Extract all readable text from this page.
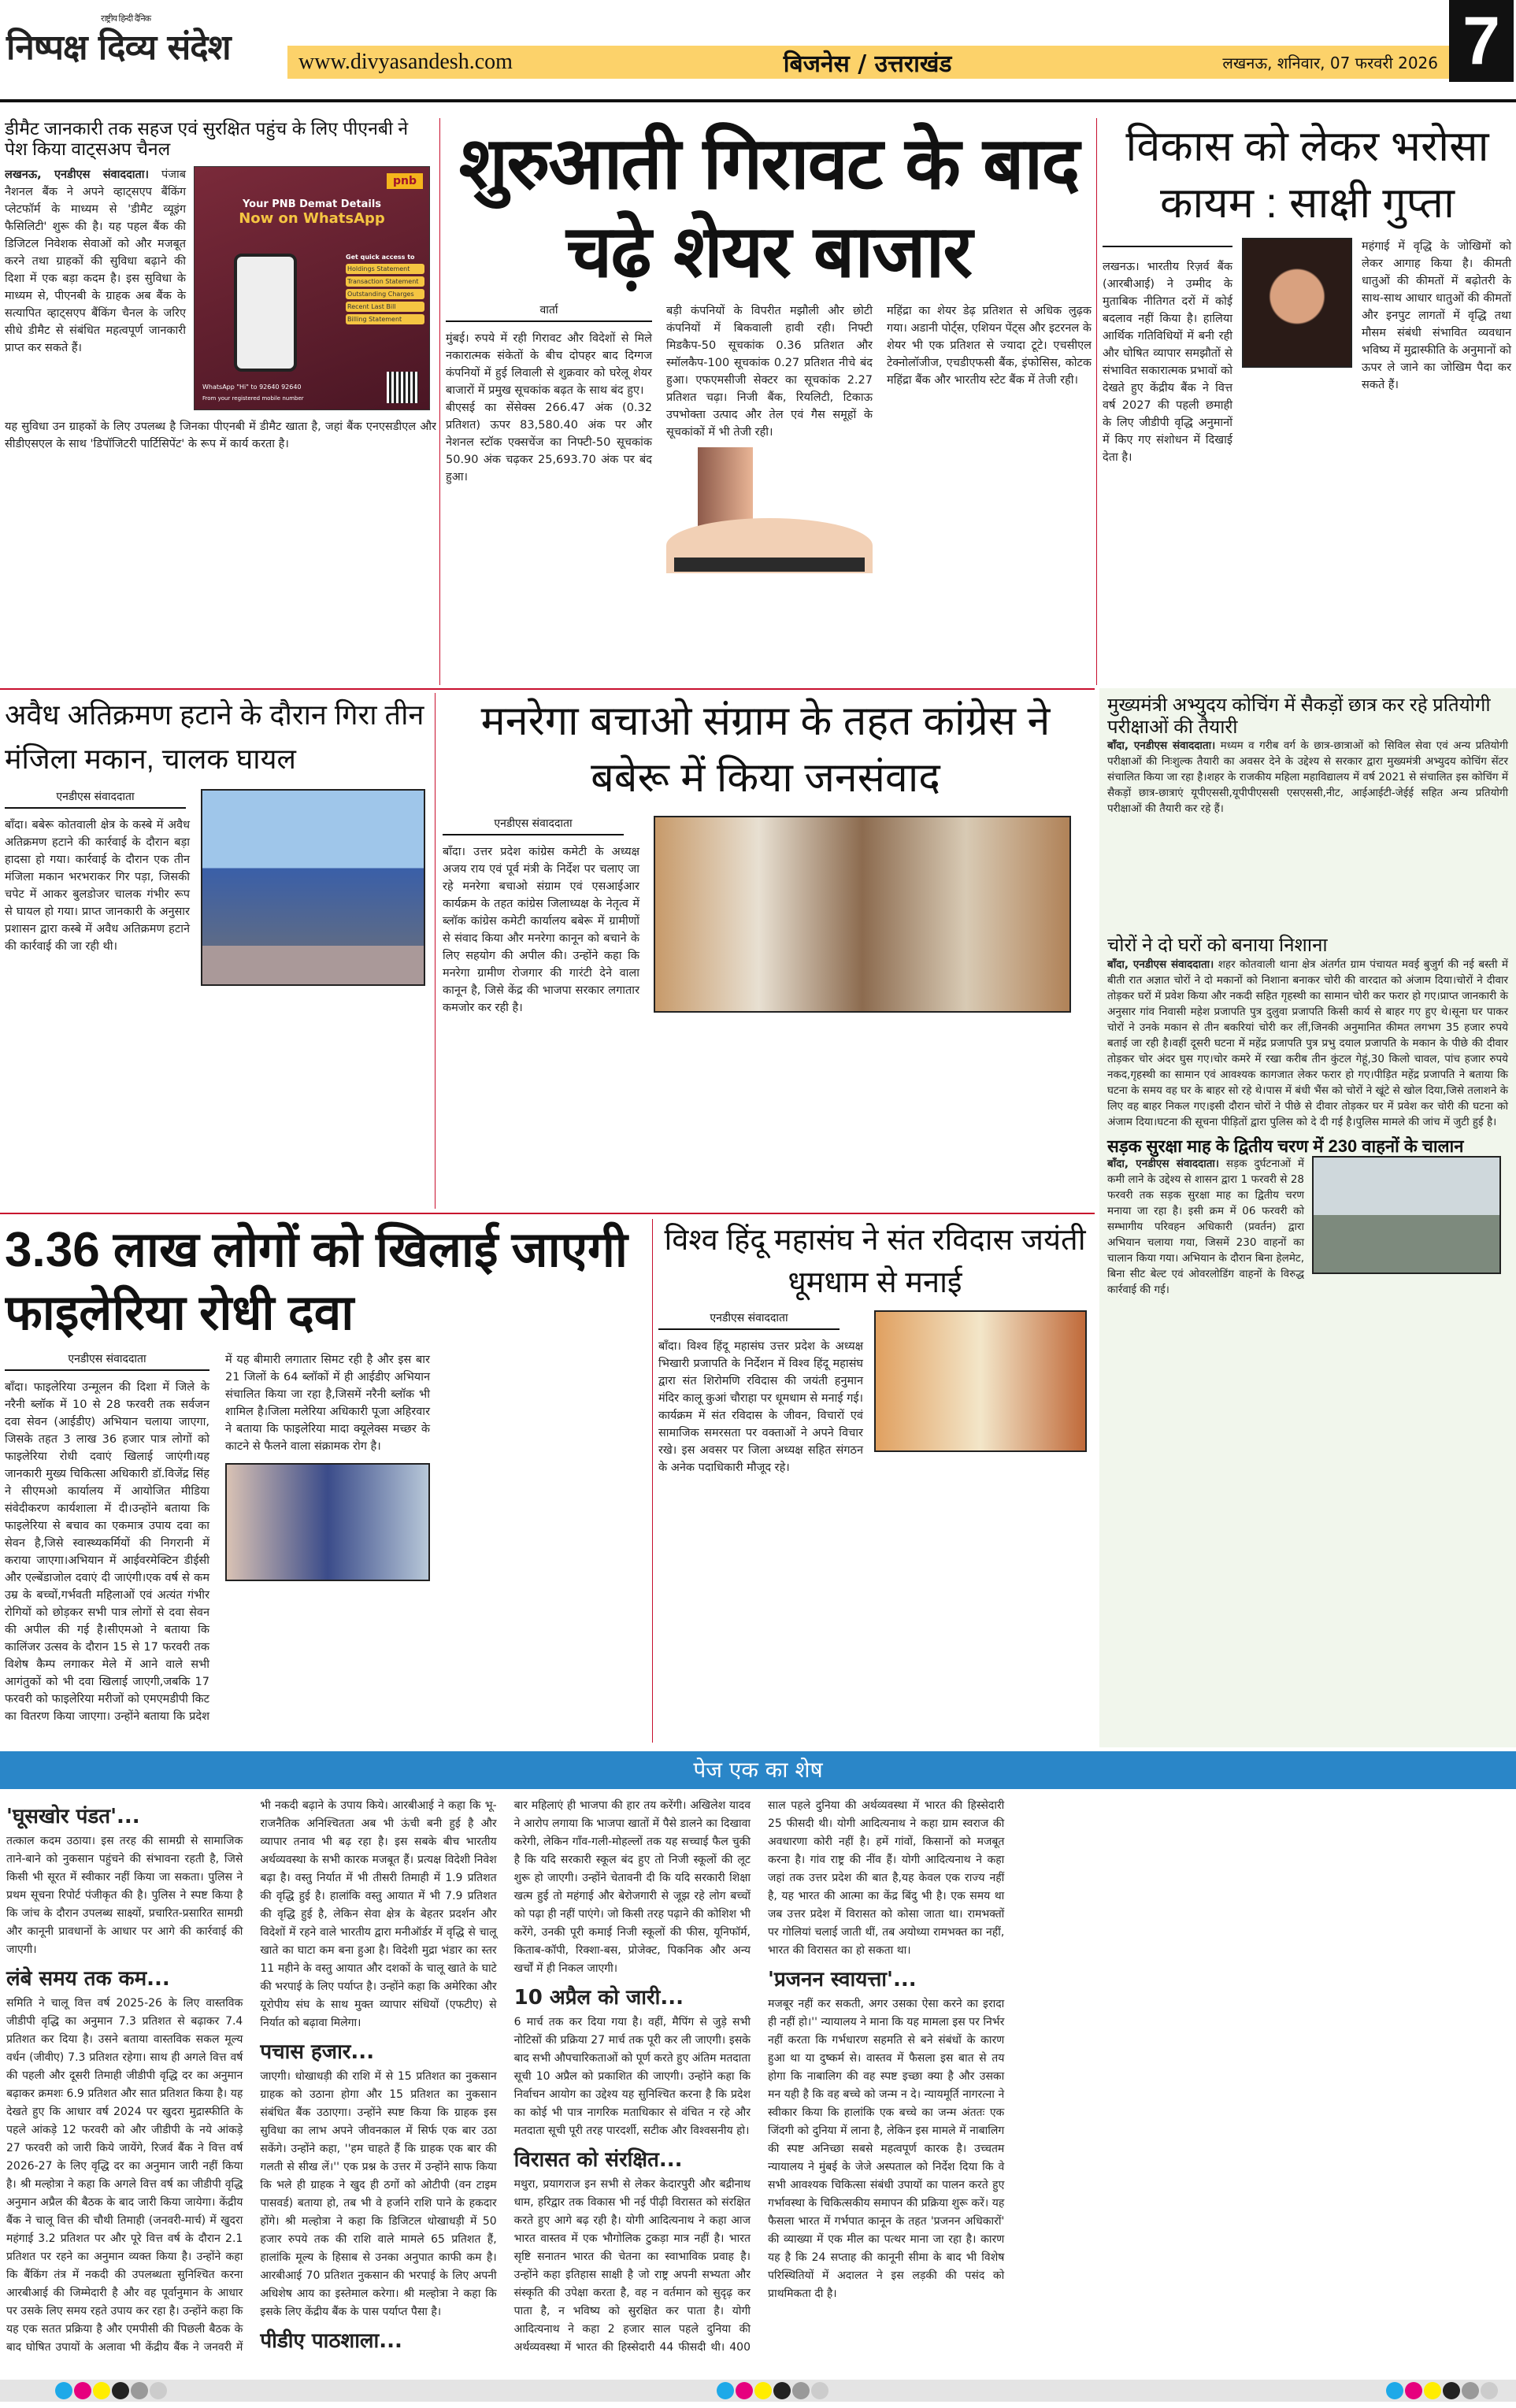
राष्ट्रीय हिन्दी दैनिक
निष्पक्ष दिव्य संदेश	www.divyasandesh.com	बिजनेस / उत्तराखंड	लखनऊ, शनिवार, 07 फरवरी 2026 7
डीमैट जानकारी तक सहज एवं सुरक्षित पहुंच के लिए पीएनबी ने पेश किया वाट्सअप चैनल
लखनऊ, एनडीएस संवाददाता। पंजाब नैशनल बैंक ने अपने व्हाट्सएप बैंकिंग प्लेटफॉर्म के माध्यम से 'डीमैट व्यूइंग फैसिलिटी' शुरू की है। यह पहल बैंक की डिजिटल निवेशक सेवाओं को और मजबूत करने तथा ग्राहकों की सुविधा बढ़ाने की दिशा में एक बड़ा कदम है। इस सुविधा के माध्यम से, पीएनबी के ग्राहक अब बैंक के सत्यापित व्हाट्सएप बैंकिंग चैनल के जरिए सीधे डीमैट से संबंधित महत्वपूर्ण जानकारी प्राप्त कर सकते हैं।
pnb
Your PNB Demat Details
Now on WhatsApp
Get quick access to
Holdings Statement
Transaction Statement
Outstanding Charges
Recent Last Bill
Billing Statement
WhatsApp "Hi" to 92640 92640
From your registered mobile number
यह सुविधा उन ग्राहकों के लिए उपलब्ध है जिनका पीएनबी में डीमैट खाता है, जहां बैंक एनएसडीएल और सीडीएसएल के साथ 'डिपॉजिटरी पार्टिसिपेंट' के रूप में कार्य करता है।
शुरुआती गिरावट के बाद चढ़े शेयर बाजार
वार्ता
मुंबई। रुपये में रही गिरावट और विदेशों से मिले नकारात्मक संकेतों के बीच दोपहर बाद दिग्गज कंपनियों में हुई लिवाली से शुक्रवार को घरेलू शेयर बाजारों में प्रमुख सूचकांक बढ़त के साथ बंद हुए।
बीएसई का सेंसेक्स 266.47 अंक (0.32 प्रतिशत) ऊपर 83,580.40 अंक पर और नेशनल स्टॉक एक्सचेंज का निफ्टी-50 सूचकांक 50.90 अंक चढ़कर 25,693.70 अंक पर बंद हुआ।
बड़ी कंपनियों के विपरीत मझौली और छोटी कंपनियों में बिकवाली हावी रही। निफ्टी मिडकैप-50 सूचकांक 0.36 प्रतिशत और स्मॉलकैप-100 सूचकांक 0.27 प्रतिशत नीचे बंद हुआ। एफएमसीजी सेक्टर का सूचकांक 2.27 प्रतिशत चढ़ा। निजी बैंक, रियलिटी, टिकाऊ उपभोक्ता उत्पाद और तेल एवं गैस समूहों के सूचकांकों में भी तेजी रही।
महिंद्रा का शेयर डेढ़ प्रतिशत से अधिक लुढ़क गया। अडानी पोर्ट्स, एशियन पेंट्स और इटरनल के शेयर भी एक प्रतिशत से ज्यादा टूटे। एचसीएल टेक्नोलॉजीज, एचडीएफसी बैंक, इंफोसिस, कोटक महिंद्रा बैंक और भारतीय स्टेट बैंक में तेजी रही।
विकास को लेकर भरोसा कायम : साक्षी गुप्ता
लखनऊ। भारतीय रिज़र्व बैंक (आरबीआई) ने उम्मीद के मुताबिक नीतिगत दरों में कोई बदलाव नहीं किया है। हालिया आर्थिक गतिविधियों में बनी रही और घोषित व्यापार समझौतों से संभावित सकारात्मक प्रभावों को देखते हुए केंद्रीय बैंक ने वित्त वर्ष 2027 की पहली छमाही के लिए जीडीपी वृद्धि अनुमानों में किए गए संशोधन में दिखाई देता है।
महंगाई में वृद्धि के जोखिमों को लेकर आगाह किया है। कीमती धातुओं की कीमतों में बढ़ोतरी के साथ-साथ आधार धातुओं की कीमतों और इनपुट लागतों में वृद्धि तथा मौसम संबंधी संभावित व्यवधान भविष्य में मुद्रास्फीति के अनुमानों को ऊपर ले जाने का जोखिम पैदा कर सकते हैं।
अवैध अतिक्रमण हटाने के दौरान गिरा तीन मंजिला मकान, चालक घायल
एनडीएस संवाददाता
बाँदा। बबेरू कोतवाली क्षेत्र के कस्बे में अवैध अतिक्रमण हटाने की कार्रवाई के दौरान बड़ा हादसा हो गया। कार्रवाई के दौरान एक तीन मंजिला मकान भरभराकर गिर पड़ा, जिसकी चपेट में आकर बुलडोजर चालक गंभीर रूप से घायल हो गया। प्राप्त जानकारी के अनुसार प्रशासन द्वारा कस्बे में अवैध अतिक्रमण हटाने की कार्रवाई की जा रही थी।
मनरेगा बचाओ संग्राम के तहत कांग्रेस ने बबेरू में किया जनसंवाद
एनडीएस संवाददाता
बाँदा। उत्तर प्रदेश कांग्रेस कमेटी के अध्यक्ष अजय राय एवं पूर्व मंत्री के निर्देश पर चलाए जा रहे मनरेगा बचाओ संग्राम एवं एसआईआर कार्यक्रम के तहत कांग्रेस जिलाध्यक्ष के नेतृत्व में ब्लॉक कांग्रेस कमेटी कार्यालय बबेरू में ग्रामीणों से संवाद किया और मनरेगा कानून को बचाने के लिए सहयोग की अपील की। उन्होंने कहा कि मनरेगा ग्रामीण रोजगार की गारंटी देने वाला कानून है, जिसे केंद्र की भाजपा सरकार लगातार कमजोर कर रही है।
मुख्यमंत्री अभ्युदय कोचिंग में सैकड़ों छात्र कर रहे प्रतियोगी परीक्षाओं की तैयारी
बाँदा, एनडीएस संवाददाता। मध्यम व गरीब वर्ग के छात्र-छात्राओं को सिविल सेवा एवं अन्य प्रतियोगी परीक्षाओं की निःशुल्क तैयारी का अवसर देने के उद्देश्य से सरकार द्वारा मुख्यमंत्री अभ्युदय कोचिंग सेंटर संचालित किया जा रहा है।शहर के राजकीय महिला महाविद्यालय में वर्ष 2021 से संचालित इस कोचिंग में सैकड़ों छात्र-छात्राएं यूपीएससी,यूपीपीएससी एसएससी,नीट, आईआईटी-जेईई सहित अन्य प्रतियोगी परीक्षाओं की तैयारी कर रहे हैं।
चोरों ने दो घरों को बनाया निशाना
बाँदा, एनडीएस संवाददाता। शहर कोतवाली थाना क्षेत्र अंतर्गत ग्राम पंचायत मवई बुजुर्ग की नई बस्ती में बीती रात अज्ञात चोरों ने दो मकानों को निशाना बनाकर चोरी की वारदात को अंजाम दिया।चोरों ने दीवार तोड़कर घरों में प्रवेश किया और नकदी सहित गृहस्थी का सामान चोरी कर फरार हो गए।प्राप्त जानकारी के अनुसार गांव निवासी महेश प्रजापति पुत्र दुलुवा प्रजापति किसी कार्य से बाहर गए हुए थे।सूना घर पाकर चोरों ने उनके मकान से तीन बकरियां चोरी कर लीं,जिनकी अनुमानित कीमत लगभग 35 हजार रुपये बताई जा रही है।वहीं दूसरी घटना में महेंद्र प्रजापति पुत्र प्रभु दयाल प्रजापति के मकान के पीछे की दीवार तोड़कर चोर अंदर घुस गए।चोर कमरे में रखा करीब तीन कुंटल गेहूं,30 किलो चावल, पांच हजार रुपये नकद,गृहस्थी का सामान एवं आवश्यक कागजात लेकर फरार हो गए।पीड़ित महेंद्र प्रजापति ने बताया कि घटना के समय वह घर के बाहर सो रहे थे।पास में बंधी भैंस को चोरों ने खूंटे से खोल दिया,जिसे तलाशने के लिए वह बाहर निकल गए।इसी दौरान चोरों ने पीछे से दीवार तोड़कर घर में प्रवेश कर चोरी की घटना को अंजाम दिया।घटना की सूचना पीड़ितों द्वारा पुलिस को दे दी गई है।पुलिस मामले की जांच में जुटी हुई है।
सड़क सुरक्षा माह के द्वितीय चरण में 230 वाहनों के चालान
बाँदा, एनडीएस संवाददाता। सड़क दुर्घटनाओं में कमी लाने के उद्देश्य से शासन द्वारा 1 फरवरी से 28 फरवरी तक सड़क सुरक्षा माह का द्वितीय चरण मनाया जा रहा है। इसी क्रम में 06 फरवरी को सम्भागीय परिवहन अधिकारी (प्रवर्तन) द्वारा अभियान चलाया गया, जिसमें 230 वाहनों का चालान किया गया। अभियान के दौरान बिना हेलमेट, बिना सीट बेल्ट एवं ओवरलोडिंग वाहनों के विरुद्ध कार्रवाई की गई।
3.36 लाख लोगों को खिलाई जाएगी फाइलेरिया रोधी दवा
एनडीएस संवाददाता
बाँदा। फाइलेरिया उन्मूलन की दिशा में जिले के नरैनी ब्लॉक में 10 से 28 फरवरी तक सर्वजन दवा सेवन (आईडीए) अभियान चलाया जाएगा, जिसके तहत 3 लाख 36 हजार पात्र लोगों को फाइलेरिया रोधी दवाएं खिलाई जाएंगी।यह जानकारी मुख्य चिकित्सा अधिकारी डॉ.विजेंद्र सिंह ने सीएमओ कार्यालय में आयोजित मीडिया संवेदीकरण कार्यशाला में दी।उन्होंने बताया कि फाइलेरिया से बचाव का एकमात्र उपाय दवा का सेवन है,जिसे स्वास्थ्यकर्मियों की निगरानी में कराया जाएगा।अभियान में आईवरमेक्टिन डीईसी और एल्बेंडाजोल दवाएं दी जाएंगी।एक वर्ष से कम उम्र के बच्चों,गर्भवती महिलाओं एवं अत्यंत गंभीर रोगियों को छोड़कर सभी पात्र लोगों से दवा सेवन की अपील की गई है।सीएमओ ने बताया कि कालिंजर उत्सव के दौरान 15 से 17 फरवरी तक विशेष कैम्प लगाकर मेले में आने वाले सभी आगंतुकों को भी दवा खिलाई जाएगी,जबकि 17 फरवरी को फाइलेरिया मरीजों को एमएमडीपी किट का वितरण किया जाएगा। उन्होंने बताया कि प्रदेश में यह बीमारी लगातार सिमट रही है और इस बार 21 जिलों के 64 ब्लॉकों में ही आईडीए अभियान संचालित किया जा रहा है,जिसमें नरैनी ब्लॉक भी शामिल है।जिला मलेरिया अधिकारी पूजा अहिरवार ने बताया कि फाइलेरिया मादा क्यूलेक्स मच्छर के काटने से फैलने वाला संक्रामक रोग है।
विश्व हिंदू महासंघ ने संत रविदास जयंती धूमधाम से मनाई
एनडीएस संवाददाता
बाँदा। विश्व हिंदू महासंघ उत्तर प्रदेश के अध्यक्ष भिखारी प्रजापति के निर्देशन में विश्व हिंदू महासंघ द्वारा संत शिरोमणि रविदास की जयंती हनुमान मंदिर कालू कुआं चौराहा पर धूमधाम से मनाई गई। कार्यक्रम में संत रविदास के जीवन, विचारों एवं सामाजिक समरसता पर वक्ताओं ने अपने विचार रखे। इस अवसर पर जिला अध्यक्ष सहित संगठन के अनेक पदाधिकारी मौजूद रहे।
पेज एक का शेष
'घूसखोर पंडत'...

तत्काल कदम उठाया। इस तरह की सामग्री से सामाजिक ताने-बाने को नुकसान पहुंचने की संभावना रहती है, जिसे किसी भी सूरत में स्वीकार नहीं किया जा सकता। पुलिस ने प्रथम सूचना रिपोर्ट पंजीकृत की है। पुलिस ने स्पष्ट किया है कि जांच के दौरान उपलब्ध साक्ष्यों, प्रचारित-प्रसारित सामग्री और कानूनी प्रावधानों के आधार पर आगे की कार्रवाई की जाएगी।

लंबे समय तक कम...

समिति ने चालू वित्त वर्ष 2025-26 के लिए वास्तविक जीडीपी वृद्धि का अनुमान 7.3 प्रतिशत से बढ़ाकर 7.4 प्रतिशत कर दिया है। उसने बताया वास्तविक सकल मूल्य वर्धन (जीवीए) 7.3 प्रतिशत रहेगा। साथ ही अगले वित्त वर्ष की पहली और दूसरी तिमाही जीडीपी वृद्धि दर का अनुमान बढ़ाकर क्रमशः 6.9 प्रतिशत और सात प्रतिशत किया है। यह देखते हुए कि आधार वर्ष 2024 पर खुदरा मुद्रास्फीति के पहले आंकड़े 12 फरवरी को और जीडीपी के नये आंकड़े 27 फरवरी को जारी किये जायेंगे, रिजर्व बैंक ने वित्त वर्ष 2026-27 के लिए वृद्धि दर का अनुमान जारी नहीं किया है। श्री मल्होत्रा ने कहा कि अगले वित्त वर्ष का जीडीपी वृद्धि अनुमान अप्रैल की बैठक के बाद जारी किया जायेगा। केंद्रीय बैंक ने चालू वित्त की चौथी तिमाही (जनवरी-मार्च) में खुदरा महंगाई 3.2 प्रतिशत पर और पूरे वित्त वर्ष के दौरान 2.1 प्रतिशत पर रहने का अनुमान व्यक्त किया है। उन्होंने कहा कि बैंकिंग तंत्र में नकदी की उपलब्धता सुनिश्चित करना आरबीआई की जिम्मेदारी है और वह पूर्वानुमान के आधार पर उसके लिए समय रहते उपाय कर रहा है। उन्होंने कहा कि यह एक सतत प्रक्रिया है और एमपीसी की पिछली बैठक के बाद घोषित उपायों के अलावा भी केंद्रीय बैंक ने जनवरी में भी नकदी बढ़ाने के उपाय किये। आरबीआई ने कहा कि भू-राजनैतिक अनिश्चितता अब भी ऊंची बनी हुई है और व्यापार तनाव भी बढ़ रहा है। इस सबके बीच भारतीय अर्थव्यवस्था के सभी कारक मजबूत हैं। प्रत्यक्ष विदेशी निवेश बढ़ा है। वस्तु निर्यात में भी तीसरी तिमाही में 1.9 प्रतिशत की वृद्धि हुई है। हालांकि वस्तु आयात में भी 7.9 प्रतिशत की वृद्धि हुई है, लेकिन सेवा क्षेत्र के बेहतर प्रदर्शन और विदेशों में रहने वाले भारतीय द्वारा मनीऑर्डर में वृद्धि से चालू खाते का घाटा कम बना हुआ है। विदेशी मुद्रा भंडार का स्तर 11 महीने के वस्तु आयात और दशकों के चालू खाते के घाटे की भरपाई के लिए पर्याप्त है। उन्होंने कहा कि अमेरिका और यूरोपीय संघ के साथ मुक्त व्यापार संधियों (एफटीए) से निर्यात को बढ़ावा मिलेगा।

पचास हजार...

जाएगी। धोखाधड़ी की राशि में से 15 प्रतिशत का नुकसान ग्राहक को उठाना होगा और 15 प्रतिशत का नुकसान संबंधित बैंक उठाएगा। उन्होंने स्पष्ट किया कि ग्राहक इस सुविधा का लाभ अपने जीवनकाल में सिर्फ एक बार उठा सकेंगे। उन्होंने कहा, ''हम चाहते हैं कि ग्राहक एक बार की गलती से सीख लें।'' एक प्रश्न के उत्तर में उन्होंने साफ किया कि भले ही ग्राहक ने खुद ही ठगों को ओटीपी (वन टाइम पासवर्ड) बताया हो, तब भी वे हर्जाने राशि पाने के हकदार होंगे। श्री मल्होत्रा ने कहा कि डिजिटल धोखाधड़ी में 50 हजार रुपये तक की राशि वाले मामले 65 प्रतिशत हैं, हालांकि मूल्य के हिसाब से उनका अनुपात काफी कम है। आरबीआई 70 प्रतिशत नुकसान की भरपाई के लिए अपनी अधिशेष आय का इस्तेमाल करेगा। श्री मल्होत्रा ने कहा कि इसके लिए केंद्रीय बैंक के पास पर्याप्त पैसा है।

पीडीए पाठशाला...

बार महिलाएं ही भाजपा की हार तय करेंगी। अखिलेश यादव ने आरोप लगाया कि भाजपा खातों में पैसे डालने का दिखावा करेगी, लेकिन गाँव-गली-मोहल्लों तक यह सच्चाई फैल चुकी है कि यदि सरकारी स्कूल बंद हुए तो निजी स्कूलों की लूट शुरू हो जाएगी। उन्होंने चेतावनी दी कि यदि सरकारी शिक्षा खत्म हुई तो महंगाई और बेरोजगारी से जूझ रहे लोग बच्चों को पढ़ा ही नहीं पाएंगे। जो किसी तरह पढ़ाने की कोशिश भी करेंगे, उनकी पूरी कमाई निजी स्कूलों की फीस, यूनिफॉर्म, किताब-कॉपी, रिक्शा-बस, प्रोजेक्ट, पिकनिक और अन्य खर्चों में ही निकल जाएगी।

10 अप्रैल को जारी...

6 मार्च तक कर दिया गया है। वहीं, मैपिंग से जुड़े सभी नोटिसों की प्रक्रिया 27 मार्च तक पूरी कर ली जाएगी। इसके बाद सभी औपचारिकताओं को पूर्ण करते हुए अंतिम मतदाता सूची 10 अप्रैल को प्रकाशित की जाएगी। उन्होंने कहा कि निर्वाचन आयोग का उद्देश्य यह सुनिश्चित करना है कि प्रदेश का कोई भी पात्र नागरिक मताधिकार से वंचित न रहे और मतदाता सूची पूरी तरह पारदर्शी, सटीक और विश्वसनीय हो।

विरासत को संरक्षित...

मथुरा, प्रयागराज इन सभी से लेकर केदारपुरी और बद्रीनाथ धाम, हरिद्वार तक विकास भी नई पीढ़ी विरासत को संरक्षित करते हुए आगे बढ़ रही है। योगी आदित्यनाथ ने कहा आज भारत वास्तव में एक भौगोलिक टुकड़ा मात्र नहीं है। भारत सृष्टि सनातन भारत की चेतना का स्वाभाविक प्रवाह है। उन्होंने कहा इतिहास साक्षी है जो राष्ट्र अपनी सभ्यता और संस्कृति की उपेक्षा करता है, वह न वर्तमान को सुदृढ़ कर पाता है, न भविष्य को सुरक्षित कर पाता है। योगी आदित्यनाथ ने कहा 2 हजार साल पहले दुनिया की अर्थव्यवस्था में भारत की हिस्सेदारी 44 फीसदी थी। 400 साल पहले दुनिया की अर्थव्यवस्था में भारत की हिस्सेदारी 25 फीसदी थी। योगी आदित्यनाथ ने कहा ग्राम स्वराज की अवधारणा कोरी नहीं है। हमें गांवों, किसानों को मजबूत करना है। गांव राष्ट्र की नींव हैं। योगी आदित्यनाथ ने कहा जहां तक उत्तर प्रदेश की बात है,यह केवल एक राज्य नहीं है, यह भारत की आत्मा का केंद्र बिंदु भी है। एक समय था जब उत्तर प्रदेश में विरासत को कोसा जाता था। रामभक्तों पर गोलियां चलाई जाती थीं, तब अयोध्या रामभक्त का नहीं, भारत की विरासत का हो सकता था।

'प्रजनन स्वायत्ता'...

मजबूर नहीं कर सकती, अगर उसका ऐसा करने का इरादा ही नहीं हो।'' न्यायालय ने माना कि यह मामला इस पर निर्भर नहीं करता कि गर्भधारण सहमति से बने संबंधों के कारण हुआ था या दुष्कर्म से। वास्तव में फैसला इस बात से तय होगा कि नाबालिग की वह स्पष्ट इच्छा क्या है और उसका मन यही है कि वह बच्चे को जन्म न दे। न्यायमूर्ति नागरत्ना ने स्वीकार किया कि हालांकि एक बच्चे का जन्म अंततः एक जिंदगी को दुनिया में लाना है, लेकिन इस मामले में नाबालिग की स्पष्ट अनिच्छा सबसे महत्वपूर्ण कारक है। उच्चतम न्यायालय ने मुंबई के जेजे अस्पताल को निर्देश दिया कि वे सभी आवश्यक चिकित्सा संबंधी उपायों का पालन करते हुए गर्भावस्था के चिकित्सकीय समापन की प्रक्रिया शुरू करें। यह फैसला भारत में गर्भपात कानून के तहत 'प्रजनन अधिकारों' की व्याख्या में एक मील का पत्थर माना जा रहा है। कारण यह है कि 24 सप्ताह की कानूनी सीमा के बाद भी विशेष परिस्थितियों में अदालत ने इस लड़की की पसंद को प्राथमिकता दी है।
